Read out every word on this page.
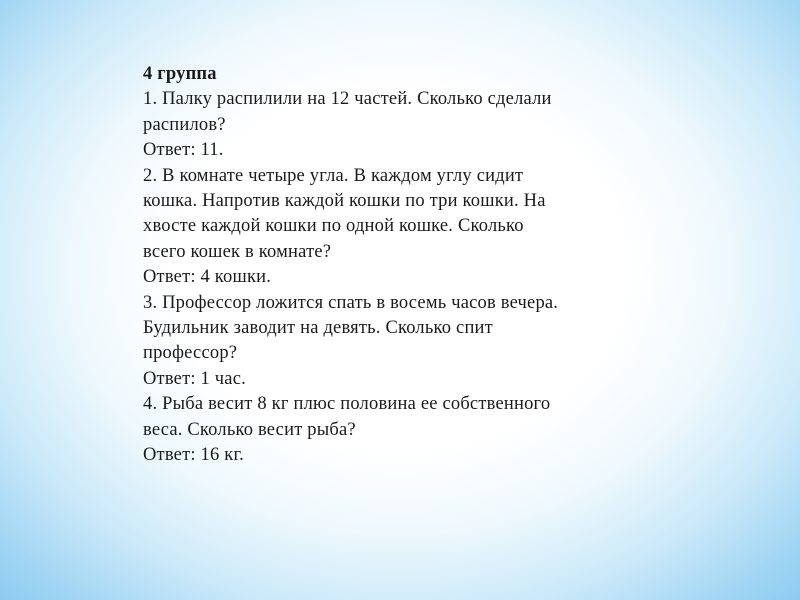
4 группа
1. Палку распилили на 12 частей. Сколько сделали
распилов?
Ответ: 11.
2. В комнате четыре угла. В каждом углу сидит
кошка. Напротив каждой кошки по три кошки. На
хвосте каждой кошки по одной кошке. Сколько
всего кошек в комнате?
Ответ: 4 кошки.
3. Профессор ложится спать в восемь часов вечера.
Будильник заводит на девять. Сколько спит
профессор?
Ответ: 1 час.
4. Рыба весит 8 кг плюс половина ее собственного
веса. Сколько весит рыба?
Ответ: 16 кг.
